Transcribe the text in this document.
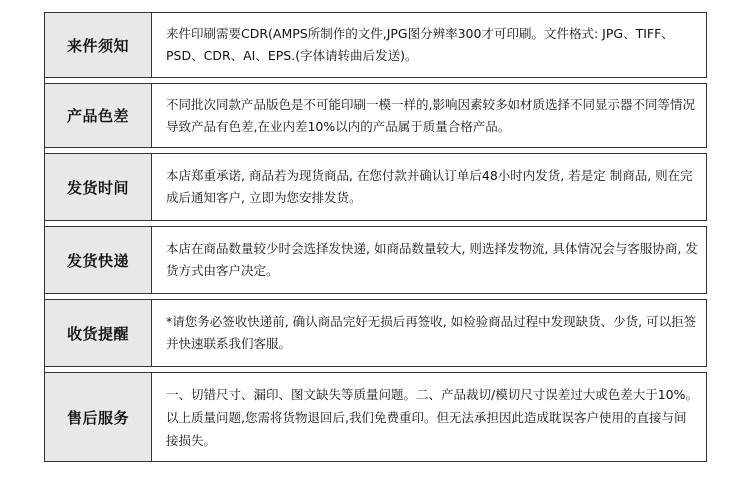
来件须知
来件印刷需要CDR(AMPS所制作的文件,JPG图分辨率300才可印刷。文件格式: JPG、TIFF、PSD、CDR、AI、EPS.(字体请转曲后发送)。
产品色差
不同批次同款产品版色是不可能印刷一模一样的,影响因素较多如材质选择不同显示器不同等情况导致产品有色差,在业内差10%以内的产品属于质量合格产品。
发货时间
本店郑重承诺, 商品若为现货商品, 在您付款并确认订单后48小时内发货, 若是定 制商品, 则在完成后通知客户, 立即为您安排发货。
发货快递
本店在商品数量较少时会选择发快递, 如商品数量较大, 则选择发物流, 具体情况会与客服协商, 发货方式由客户决定。
收货提醒
*请您务必签收快递前, 确认商品完好无损后再签收, 如检验商品过程中发现缺货、少货, 可以拒签并快速联系我们客服。
售后服务
一、切错尺寸、漏印、图文缺失等质量问题。二、产品裁切/模切尺寸误差过大或色差大于10%。以上质量问题,您需将货物退回后,我们免费重印。但无法承担因此造成耽误客户使用的直接与间接损失。
